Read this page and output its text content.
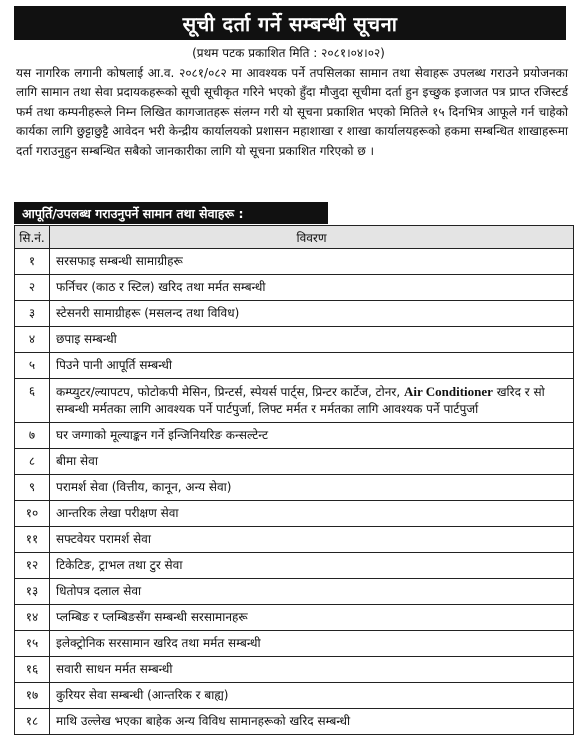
सूची दर्ता गर्ने सम्बन्धी सूचना
(प्रथम पटक प्रकाशित मिति : २०८१।०४।०२)
यस नागरिक लगानी कोषलाई आ.व. २०८१/०८२ मा आवश्यक पर्ने तपसिलका सामान तथा सेवाहरू उपलब्ध गराउने प्रयोजनका लागि सामान तथा सेवा प्रदायकहरूको सूची सूचीकृत गरिने भएको हुँदा मौजुदा सूचीमा दर्ता हुन इच्छुक इजाजत पत्र प्राप्त रजिस्टर्ड फर्म तथा कम्पनीहरूले निम्न लिखित कागजातहरू संलग्न गरी यो सूचना प्रकाशित भएको मितिले १५ दिनभित्र आफूले गर्न चाहेको कार्यका लागि छुट्टाछुट्टै आवेदन भरी केन्द्रीय कार्यालयको प्रशासन महाशाखा र शाखा कार्यालयहरूको हकमा सम्बन्धित शाखाहरूमा दर्ता गराउनुहुन सम्बन्धित सबैको जानकारीका लागि यो सूचना प्रकाशित गरिएको छ ।
आपूर्ति/उपलब्ध गराउनुपर्ने सामान तथा सेवाहरू :
सि.नं.	विवरण
१	सरसफाइ सम्बन्धी सामाग्रीहरू
२	फर्निचर (काठ र स्टिल) खरिद तथा मर्मत सम्बन्धी
३	स्टेसनरी सामाग्रीहरू (मसलन्द तथा विविध)
४	छपाइ सम्बन्धी
५	पिउने पानी आपूर्ति सम्बन्धी
६	कम्प्युटर/ल्यापटप, फोटोकपी मेसिन, प्रिन्टर्स, स्पेयर्स पार्ट्स, प्रिन्टर कार्टेज, टोनर, Air Conditioner खरिद र सो सम्बन्धी मर्मतका लागि आवश्यक पर्ने पार्टपुर्जा, लिफ्ट मर्मत र मर्मतका लागि आवश्यक पर्ने पार्टपुर्जा
७	घर जग्गाको मूल्याङ्कन गर्ने इन्जिनियरिङ कन्सल्टेन्ट
८	बीमा सेवा
९	परामर्श सेवा (वित्तीय, कानून, अन्य सेवा)
१०	आन्तरिक लेखा परीक्षण सेवा
११	सफ्टवेयर परामर्श सेवा
१२	टिकेटिङ, ट्राभल तथा टुर सेवा
१३	धितोपत्र दलाल सेवा
१४	प्लम्बिङ र प्लम्बिङसँग सम्बन्धी सरसामानहरू
१५	इलेक्ट्रोनिक सरसामान खरिद तथा मर्मत सम्बन्धी
१६	सवारी साधन मर्मत सम्बन्धी
१७	कुरियर सेवा सम्बन्धी (आन्तरिक र बाह्य)
१८	माथि उल्लेख भएका बाहेक अन्य विविध सामानहरूको खरिद सम्बन्धी
